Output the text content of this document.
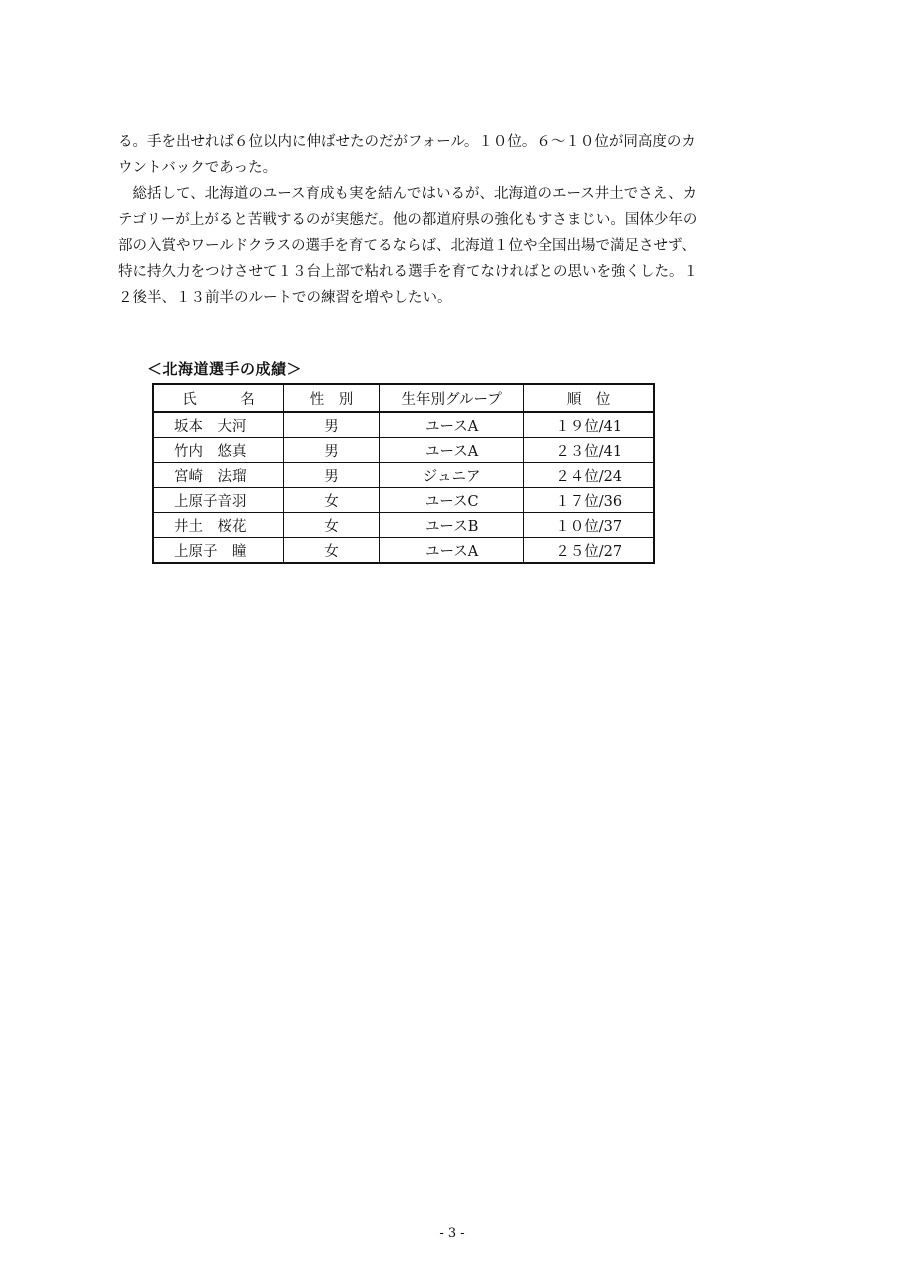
る。手を出せれば６位以内に伸ばせたのだがフォール。１０位。６～１０位が同高度のカ
ウントバックであった。
　総括して、北海道のユース育成も実を結んではいるが、北海道のエース井土でさえ、カ
テゴリーが上がると苦戦するのが実態だ。他の都道府県の強化もすさまじい。国体少年の
部の入賞やワールドクラスの選手を育てるならば、北海道１位や全国出場で満足させず、
特に持久力をつけさせて１３台上部で粘れる選手を育てなければとの思いを強くした。１
２後半、１３前半のルートでの練習を増やしたい。
＜北海道選手の成績＞
氏　　　名	性　別	生年別グループ	順　位
坂本　大河	男	ユースA	１９位/41
竹内　悠真	男	ユースA	２３位/41
宮崎　法瑠	男	ジュニア	２４位/24
上原子音羽	女	ユースC	１７位/36
井土　桜花	女	ユースB	１０位/37
上原子　瞳	女	ユースA	２５位/27
- 3 -
